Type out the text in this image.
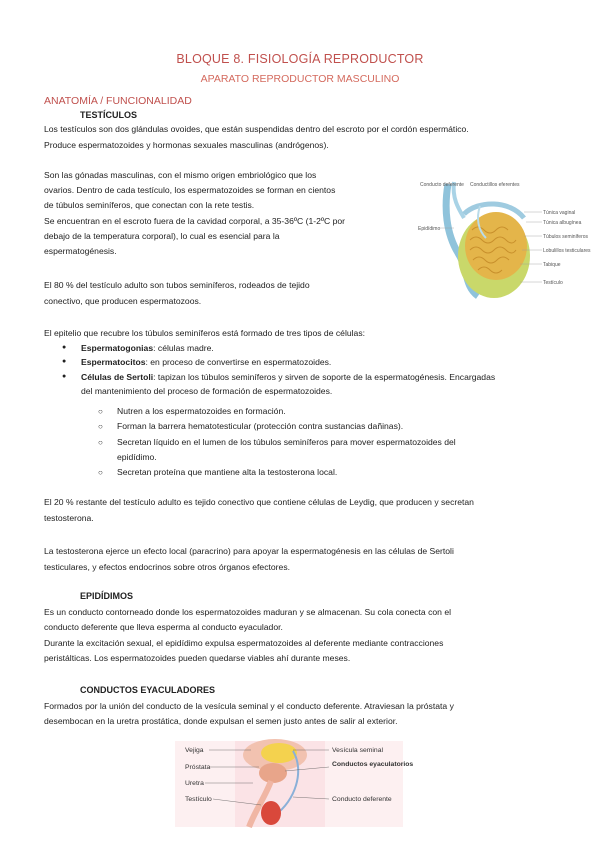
BLOQUE 8. FISIOLOGÍA REPRODUCTOR
APARATO REPRODUCTOR MASCULINO
ANATOMÍA / FUNCIONALIDAD
TESTÍCULOS
Los testículos son dos glándulas ovoides, que están suspendidas dentro del escroto por el cordón espermático.
Produce espermatozoides y hormonas sexuales masculinas (andrógenos).
Son las gónadas masculinas, con el mismo origen embriológico que los
ovarios. Dentro de cada testículo, los espermatozoides se forman en cientos
de túbulos seminíferos, que conectan con la rete testis.
Se encuentran en el escroto fuera de la cavidad corporal, a 35-36ºC (1-2ºC por
debajo de la temperatura corporal), lo cual es esencial para la
espermatogénesis.
El 80 % del testículo adulto son tubos seminíferos, rodeados de tejido
conectivo, que producen espermatozoos.
El epitelio que recubre los túbulos seminíferos está formado de tres tipos de células:
● Espermatogonias: células madre.
● Espermatocitos: en proceso de convertirse en espermatozoides.
● Células de Sertoli: tapizan los túbulos seminíferos y sirven de soporte de la espermatogénesis. Encargadas
del mantenimiento del proceso de formación de espermatozoides.
○ Nutren a los espermatozoides en formación.
○ Forman la barrera hematotesticular (protección contra sustancias dañinas).
○ Secretan líquido en el lumen de los túbulos seminíferos para mover espermatozoides del
epidídimo.
○ Secretan proteína que mantiene alta la testosterona local.
El 20 % restante del testículo adulto es tejido conectivo que contiene células de Leydig, que producen y secretan
testosterona.
La testosterona ejerce un efecto local (paracrino) para apoyar la espermatogénesis en las células de Sertoli
testiculares, y efectos endocrinos sobre otros órganos efectores.
EPIDÍDIMOS
Es un conducto contorneado donde los espermatozoides maduran y se almacenan. Su cola conecta con el
conducto deferente que lleva esperma al conducto eyaculador.
Durante la excitación sexual, el epidídimo expulsa espermatozoides al deferente mediante contracciones
peristálticas. Los espermatozoides pueden quedarse viables ahí durante meses.
CONDUCTOS EYACULADORES
Formados por la unión del conducto de la vesícula seminal y el conducto deferente. Atraviesan la próstata y
desembocan en la uretra prostática, donde expulsan el semen justo antes de salir al exterior.
Conducto deferente Conductillos eferentes
Túnica vaginal
Túnica albugínea
Túbulos seminíferos
Lobulillos testiculares
Tabique
Testículo
Epidídimo
Vejiga
Próstata
Uretra
Testículo
Vesícula seminal
Conductos eyaculatorios
Conducto deferente
